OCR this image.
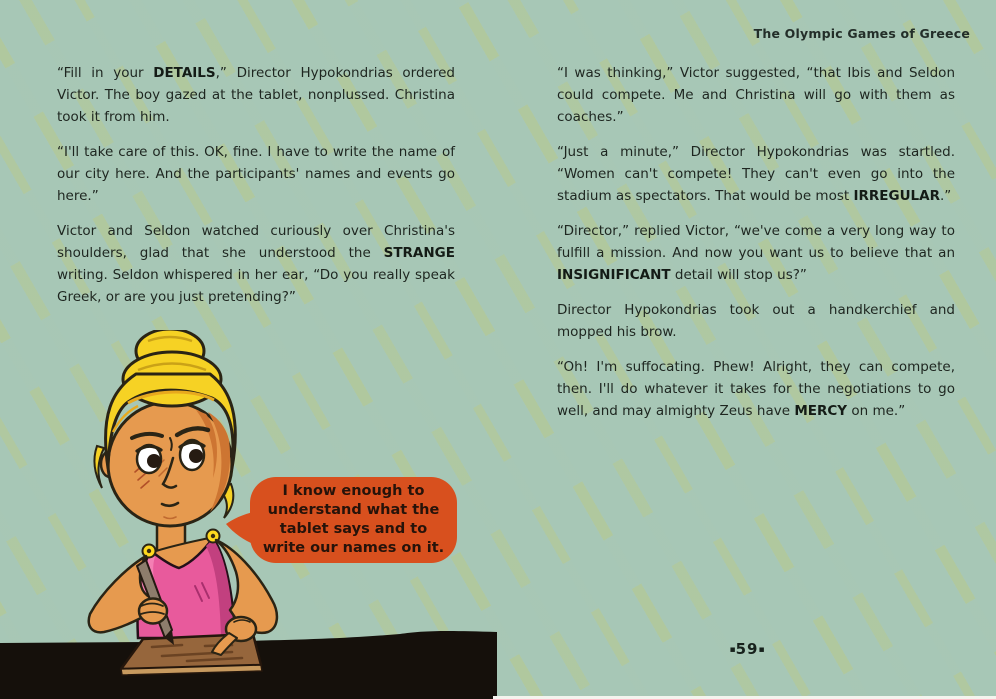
The Olympic Games of Greece

“Fill in your DETAILS,” Director Hypokondrias ordered Victor. The boy gazed at the tablet, nonplussed. Christina took it from him.

“I'll take care of this. OK, fine. I have to write the name of our city here. And the participants' names and events go here.”

Victor and Seldon watched curiously over Christina's shoulders, glad that she understood the STRANGE writing. Seldon whispered in her ear, “Do you really speak Greek, or are you just pretending?”

“I was thinking,” Victor suggested, “that Ibis and Seldon could compete. Me and Christina will go with them as coaches.”

“Just a minute,” Director Hypokondrias was startled. “Women can't compete! They can't even go into the stadium as spectators. That would be most IRREGULAR.”

“Director,” replied Victor, “we've come a very long way to fulfill a mission. And now you want us to believe that an INSIGNIFICANT detail will stop us?”

Director Hypokondrias took out a handkerchief and mopped his brow.

“Oh! I'm suffocating. Phew! Alright, they can compete, then. I'll do whatever it takes for the negotiations to go well, and may almighty Zeus have MERCY on me.”

I know enough to understand what the tablet says and to write our names on it.
▪59▪
